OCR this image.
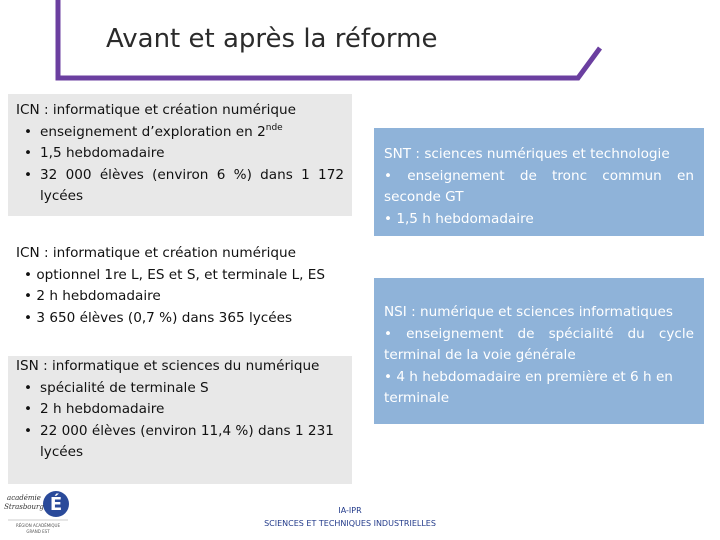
Avant et après la réforme
ICN : informatique et création numérique
• enseignement d’exploration en 2nde
• 1,5 hebdomadaire
• 32 000 élèves (environ 6 %) dans 1 172 lycées
ICN : informatique et création numérique
• optionnel 1re L, ES et S, et terminale L, ES
• 2 h hebdomadaire
• 3 650 élèves (0,7 %) dans 365 lycées
ISN : informatique et sciences du numérique
• spécialité de terminale S
• 2 h hebdomadaire
• 22 000 élèves (environ 11,4 %) dans 1 231 lycées

SNT : sciences numériques et technologie

• enseignement de tronc commun en seconde GT

• 1,5 h hebdomadaire

NSI : numérique et sciences informatiques

• enseignement de spécialité du cycle terminal de la voie générale

• 4 h hebdomadaire en première et 6 h en terminale

É
académie
Strasbourg
RÉGION ACADÉMIQUE
GRAND EST
IA-IPR
SCIENCES ET TECHNIQUES INDUSTRIELLES
